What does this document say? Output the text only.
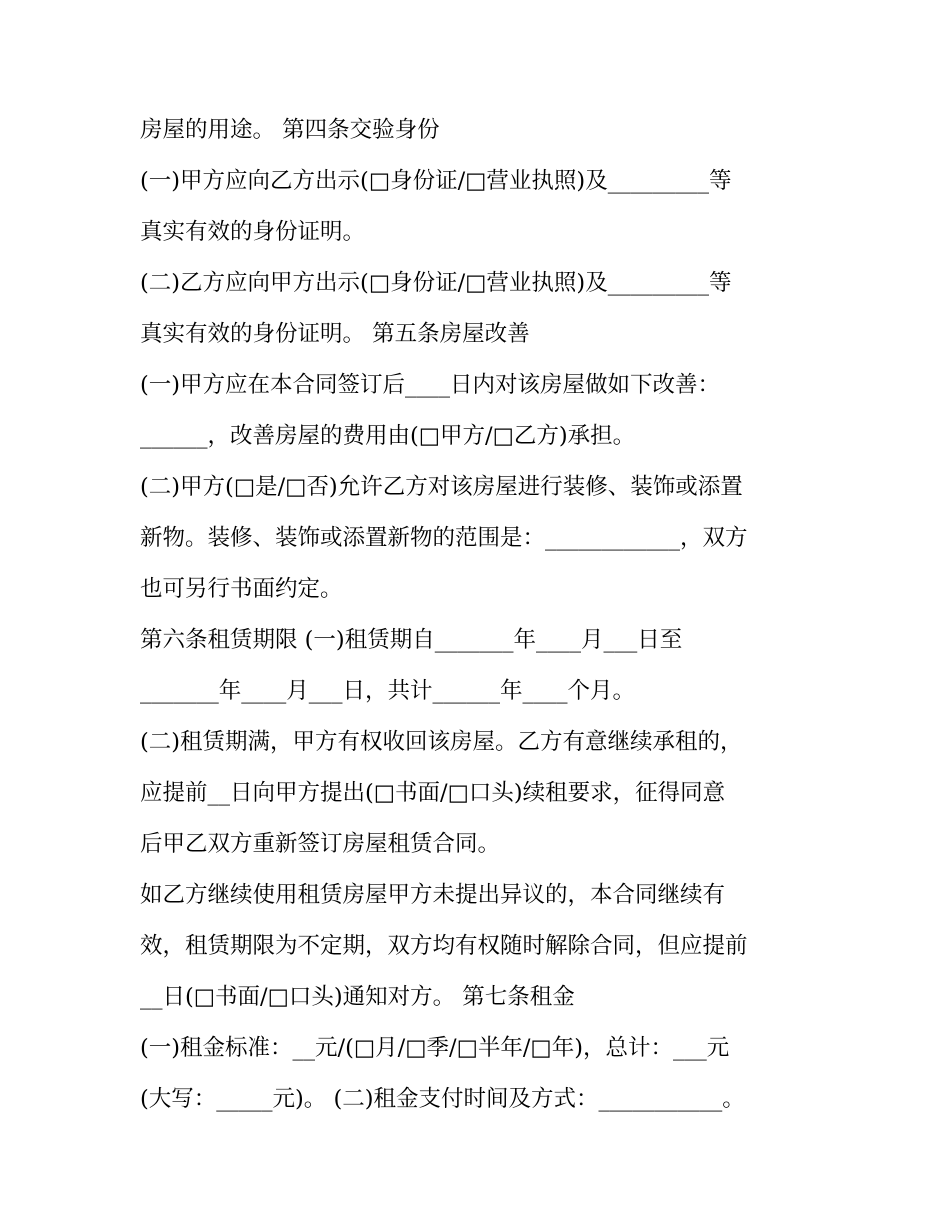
房屋的用途。 第四条交验身份
(一)甲方应向乙方出示(□身份证/□营业执照)及_________等
真实有效的身份证明。
(二)乙方应向甲方出示(□身份证/□营业执照)及_________等
真实有效的身份证明。 第五条房屋改善
(一)甲方应在本合同签订后____日内对该房屋做如下改善：
______，改善房屋的费用由(□甲方/□乙方)承担。
(二)甲方(□是/□否)允许乙方对该房屋进行装修、装饰或添置
新物。装修、装饰或添置新物的范围是：____________，双方
也可另行书面约定。
第六条租赁期限 (一)租赁期自_______年____月___日至
_______年____月___日，共计______年____个月。
(二)租赁期满，甲方有权收回该房屋。乙方有意继续承租的，
应提前__日向甲方提出(□书面/□口头)续租要求，征得同意
后甲乙双方重新签订房屋租赁合同。
如乙方继续使用租赁房屋甲方未提出异议的，本合同继续有
效，租赁期限为不定期，双方均有权随时解除合同，但应提前
__日(□书面/□口头)通知对方。 第七条租金
(一)租金标准：__元/(□月/□季/□半年/□年)，总计：___元
(大写：_____元)。 (二)租金支付时间及方式：___________。
